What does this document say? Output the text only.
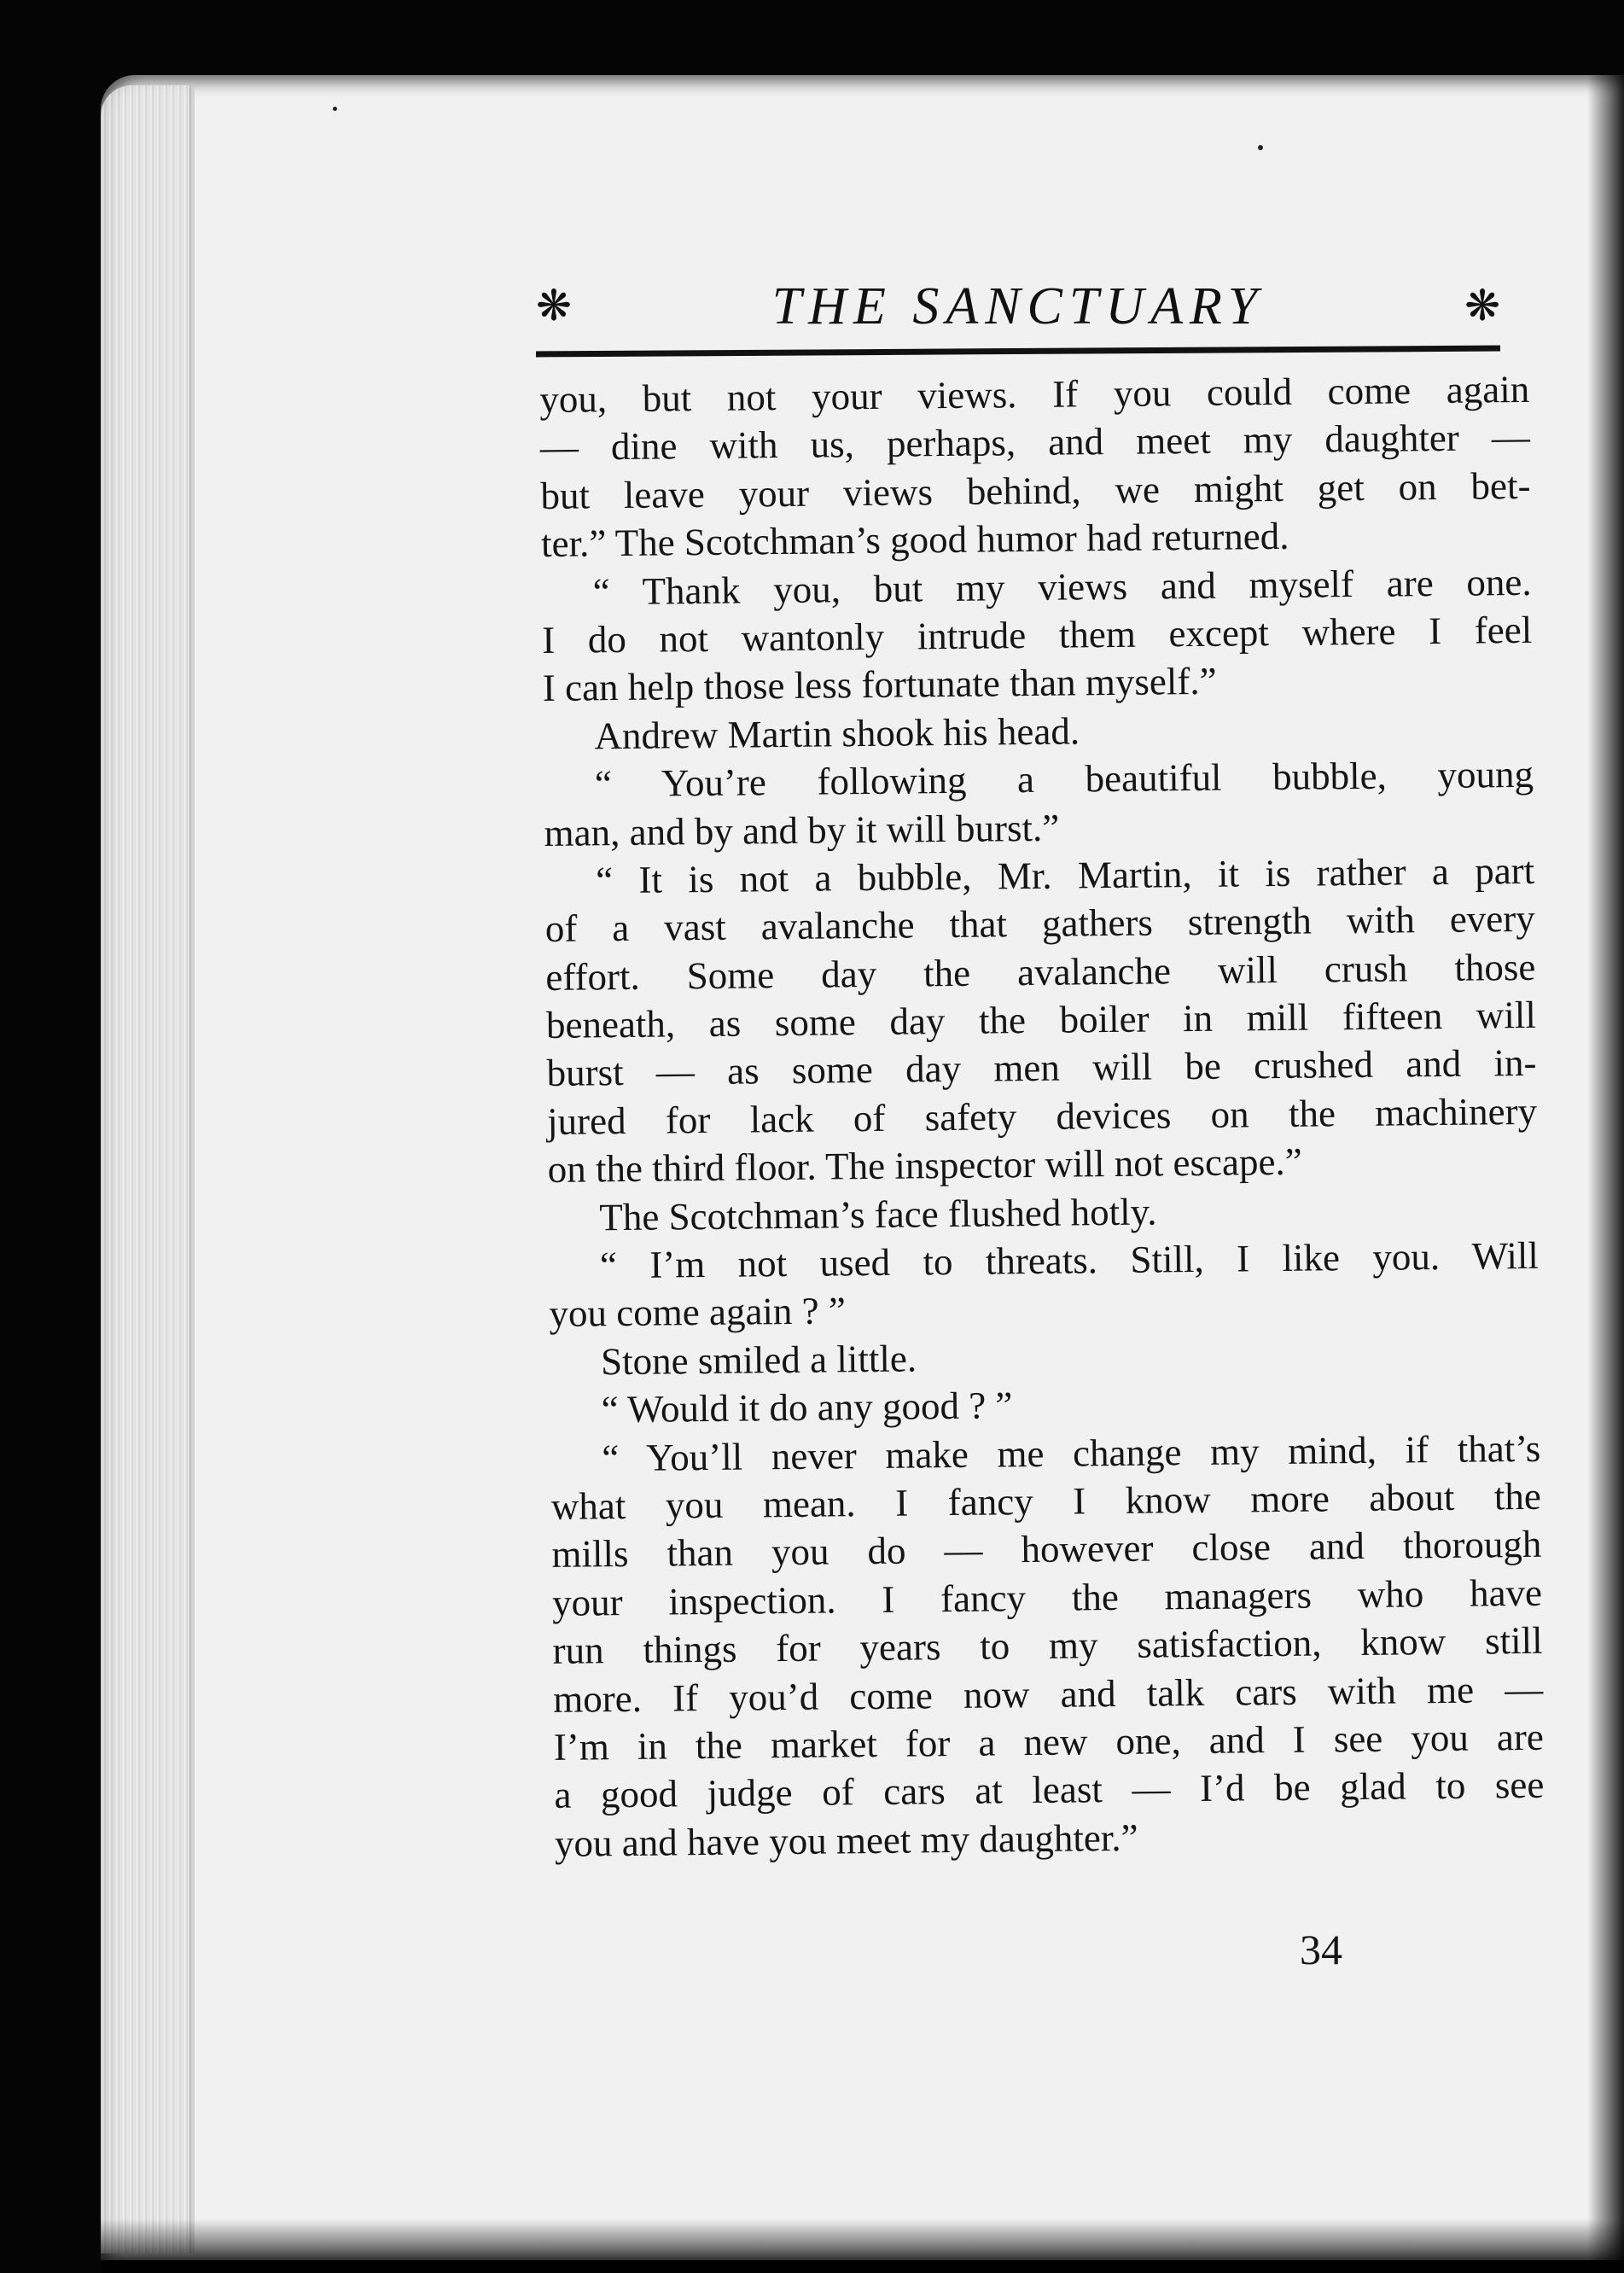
❋	THE SANCTUARY	❋
you, but not your views. If you could come again
— dine with us, perhaps, and meet my daughter —
but leave your views behind, we might get on bet-
ter.” The Scotchman’s good humor had returned.
“ Thank you, but my views and myself are one.
I do not wantonly intrude them except where I feel
I can help those less fortunate than myself.”
Andrew Martin shook his head.
“ You’re following a beautiful bubble, young
man, and by and by it will burst.”
“ It is not a bubble, Mr. Martin, it is rather a part
of a vast avalanche that gathers strength with every
effort. Some day the avalanche will crush those
beneath, as some day the boiler in mill fifteen will
burst — as some day men will be crushed and in-
jured for lack of safety devices on the machinery
on the third floor. The inspector will not escape.”
The Scotchman’s face flushed hotly.
“ I’m not used to threats. Still, I like you. Will
you come again ? ”
Stone smiled a little.
“ Would it do any good ? ”
“ You’ll never make me change my mind, if that’s
what you mean. I fancy I know more about the
mills than you do — however close and thorough
your inspection. I fancy the managers who have
run things for years to my satisfaction, know still
more. If you’d come now and talk cars with me —
I’m in the market for a new one, and I see you are
a good judge of cars at least — I’d be glad to see
you and have you meet my daughter.”
34
